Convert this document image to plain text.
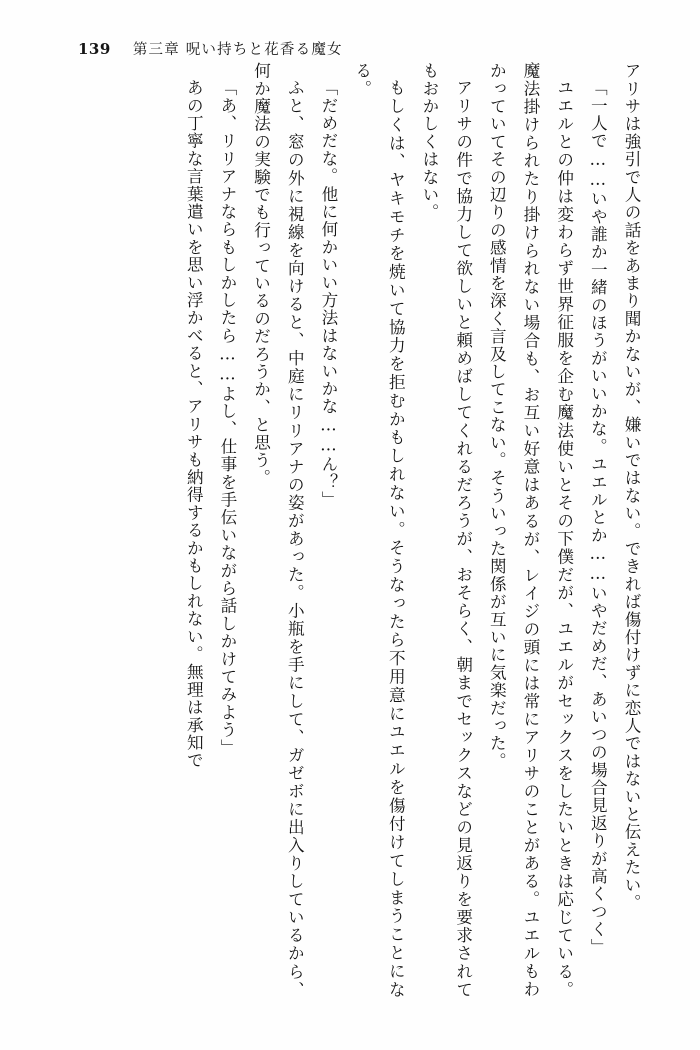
139 第三章 呪い持ちと花香る魔女

アリサは強引で人の話をあまり聞かないが、嫌いではない。できれば傷付けずに恋人ではないと伝えたい。

「一人で……いや誰か一緒のほうがいいかな。ユエルとか……いやだめだ、あいつの場合見返りが高くつく」

ユエルとの仲は変わらず世界征服を企む魔法使いとその下僕だが、ユエルがセックスをしたいときは応じている。魔法掛けられたり掛けられない場合も、お互い好意はあるが、レイジの頭には常にアリサのことがある。ユエルもわかっていてその辺りの感情を深く言及してこない。そういった関係が互いに気楽だった。

アリサの件で協力して欲しいと頼めばしてくれるだろうが、おそらく、朝までセックスなどの見返りを要求されてもおかしくはない。

もしくは、ヤキモチを焼いて協力を拒むかもしれない。そうなったら不用意にユエルを傷付けてしまうことになる。

「だめだな。他に何かいい方法はないかな……ん？」

ふと、窓の外に視線を向けると、中庭にリリアナの姿があった。小瓶を手にして、ガゼボに出入りしているから、何か魔法の実験でも行っているのだろうか、と思う。

「あ、リリアナならもしかしたら……よし、仕事を手伝いながら話しかけてみよう」

あの丁寧な言葉遣いを思い浮かべると、アリサも納得するかもしれない。無理は承知で
